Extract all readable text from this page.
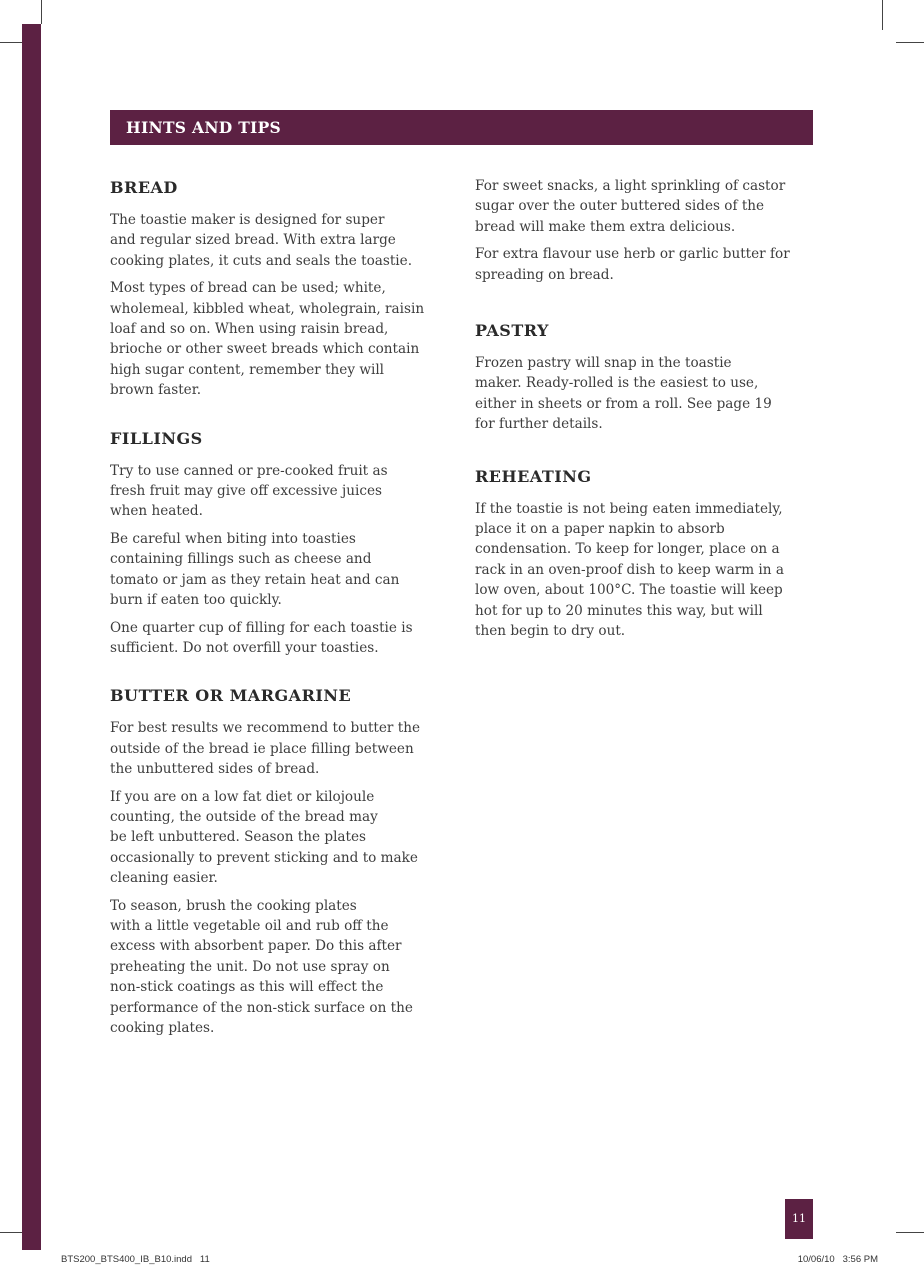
HINTS AND TIPS
BREAD

The toastie maker is designed for super
and regular sized bread. With extra large
cooking plates, it cuts and seals the toastie.

Most types of bread can be used; white,
wholemeal, kibbled wheat, wholegrain, raisin
loaf and so on. When using raisin bread,
brioche or other sweet breads which contain
high sugar content, remember they will
brown faster.

FILLINGS

Try to use canned or pre-cooked fruit as
fresh fruit may give off excessive juices
when heated.

Be careful when biting into toasties
containing fillings such as cheese and
tomato or jam as they retain heat and can
burn if eaten too quickly.

One quarter cup of filling for each toastie is
sufficient. Do not overfill your toasties.

BUTTER OR MARGARINE

For best results we recommend to butter the
outside of the bread ie place filling between
the unbuttered sides of bread.

If you are on a low fat diet or kilojoule
counting, the outside of the bread may
be left unbuttered. Season the plates
occasionally to prevent sticking and to make
cleaning easier.

To season, brush the cooking plates
with a little vegetable oil and rub off the
excess with absorbent paper. Do this after
preheating the unit. Do not use spray on
non-stick coatings as this will effect the
performance of the non-stick surface on the
cooking plates.

For sweet snacks, a light sprinkling of castor
sugar over the outer buttered sides of the
bread will make them extra delicious.

For extra flavour use herb or garlic butter for
spreading on bread.

PASTRY

Frozen pastry will snap in the toastie
maker. Ready-rolled is the easiest to use,
either in sheets or from a roll. See page 19
for further details.

REHEATING

If the toastie is not being eaten immediately,
place it on a paper napkin to absorb
condensation. To keep for longer, place on a
rack in an oven-proof dish to keep warm in a
low oven, about 100°C. The toastie will keep
hot for up to 20 minutes this way, but will
then begin to dry out.

11
BTS200_BTS400_IB_B10.indd   11	10/06/10   3:56 PM
